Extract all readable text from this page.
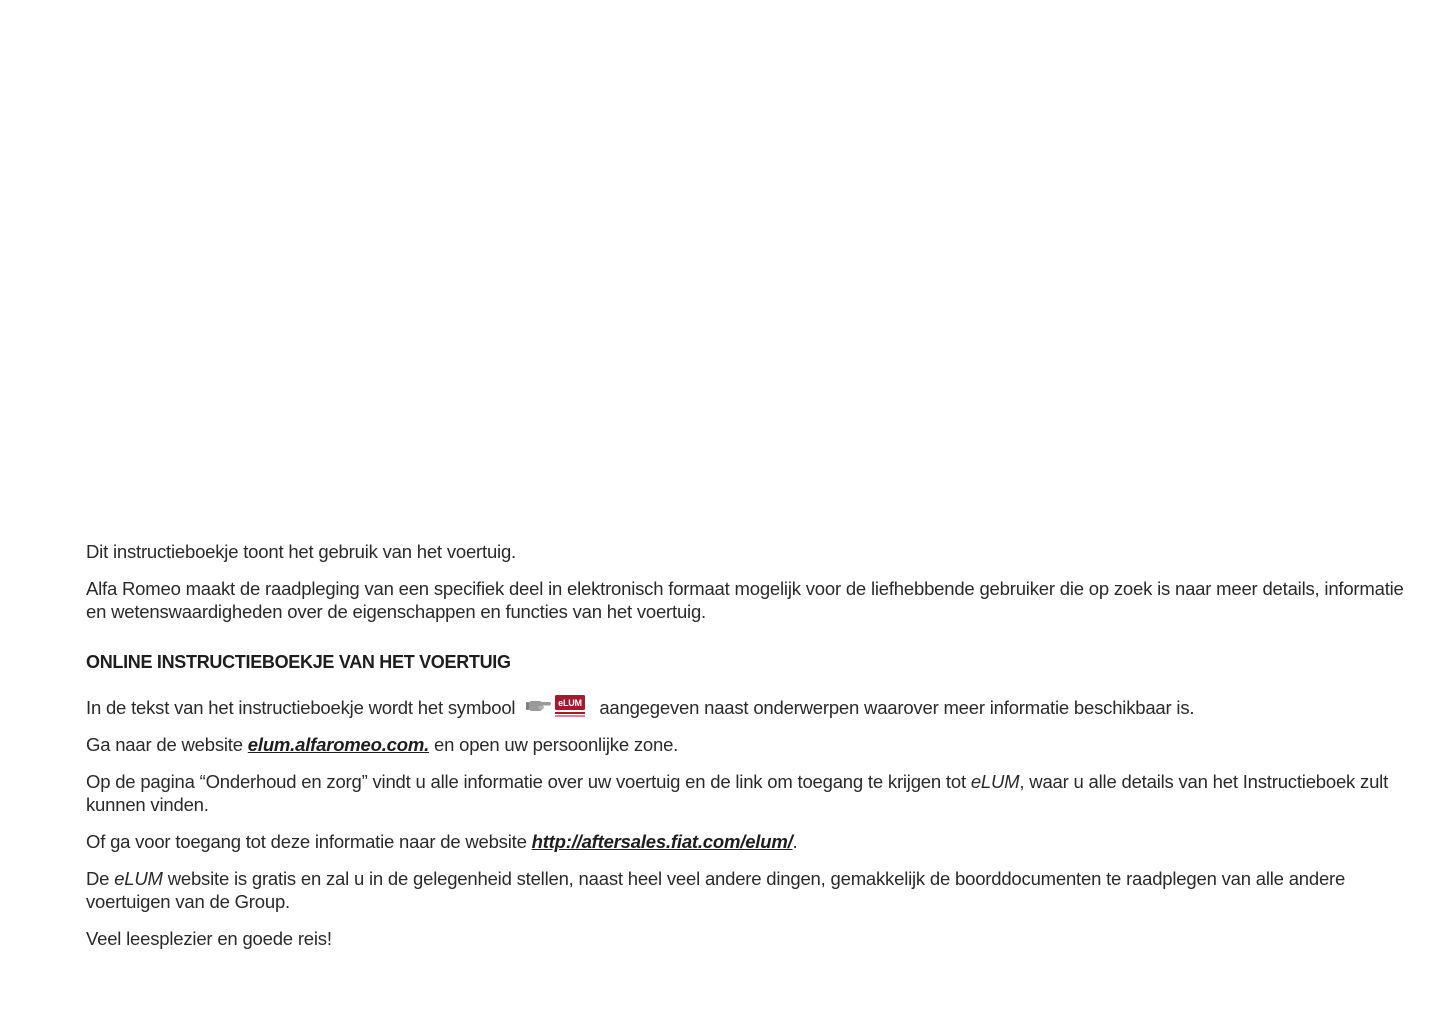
Dit instructieboekje toont het gebruik van het voertuig.

Alfa Romeo maakt de raadpleging van een specifiek deel in elektronisch formaat mogelijk voor de liefhebbende gebruiker die op zoek is naar meer details, informatie en wetenswaardigheden over de eigenschappen en functies van het voertuig.

ONLINE INSTRUCTIEBOEKJE VAN HET VOERTUIG

In de tekst van het instructieboekje wordt het symbool	eLUM aangegeven naast onderwerpen waarover meer informatie beschikbaar is.

Ga naar de website elum.alfaromeo.com. en open uw persoonlijke zone.

Op de pagina “Onderhoud en zorg” vindt u alle informatie over uw voertuig en de link om toegang te krijgen tot eLUM, waar u alle details van het Instructieboek zult kunnen vinden.

Of ga voor toegang tot deze informatie naar de website http://aftersales.fiat.com/elum/.

De eLUM website is gratis en zal u in de gelegenheid stellen, naast heel veel andere dingen, gemakkelijk de boorddocumenten te raadplegen van alle andere voertuigen van de Group.

Veel leesplezier en goede reis!
